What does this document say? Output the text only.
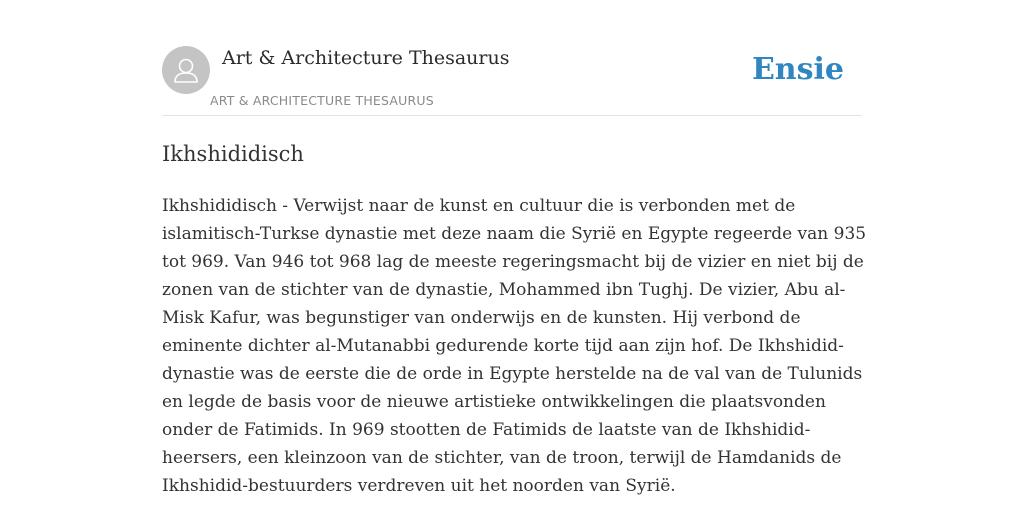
Art & Architecture Thesaurus
ART & ARCHITECTURE THESAURUS
Ensie
Ikhshididisch
Ikhshididisch - Verwijst naar de kunst en cultuur die is verbonden met de
islamitisch-Turkse dynastie met deze naam die Syrië en Egypte regeerde van 935
tot 969. Van 946 tot 968 lag de meeste regeringsmacht bij de vizier en niet bij de
zonen van de stichter van de dynastie, Mohammed ibn Tughj. De vizier, Abu al-
Misk Kafur, was begunstiger van onderwijs en de kunsten. Hij verbond de
eminente dichter al-Mutanabbi gedurende korte tijd aan zijn hof. De Ikhshidid-
dynastie was de eerste die de orde in Egypte herstelde na de val van de Tulunids
en legde de basis voor de nieuwe artistieke ontwikkelingen die plaatsvonden
onder de Fatimids. In 969 stootten de Fatimids de laatste van de Ikhshidid-
heersers, een kleinzoon van de stichter, van de troon, terwijl de Hamdanids de
Ikhshidid-bestuurders verdreven uit het noorden van Syrië.
